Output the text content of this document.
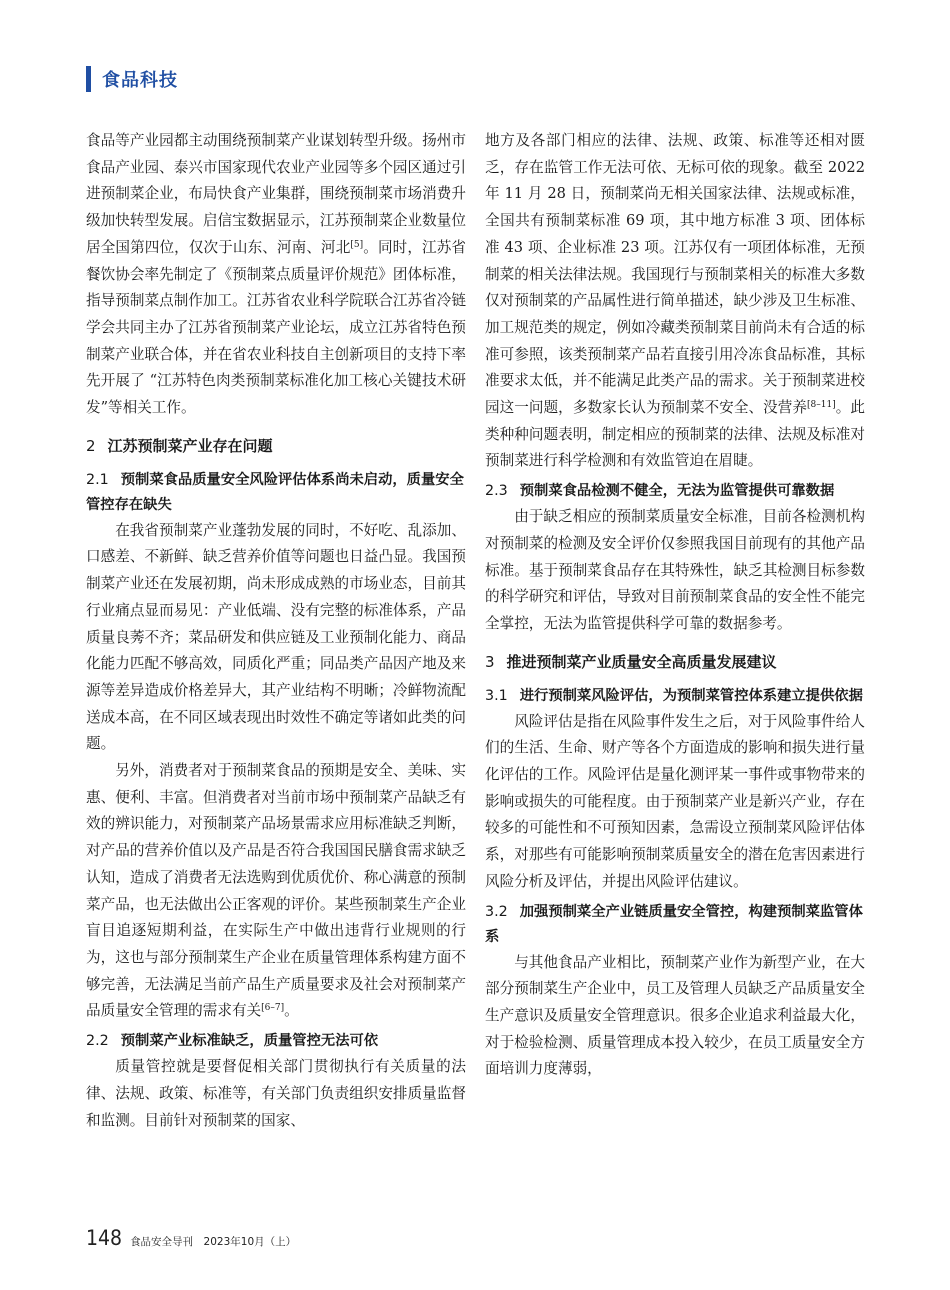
食品科技

食品等产业园都主动围绕预制菜产业谋划转型升级。扬州市食品产业园、泰兴市国家现代农业产业园等多个园区通过引进预制菜企业，布局快食产业集群，围绕预制菜市场消费升级加快转型发展。启信宝数据显示，江苏预制菜企业数量位居全国第四位，仅次于山东、河南、河北[5]。同时，江苏省餐饮协会率先制定了《预制菜点质量评价规范》团体标准，指导预制菜点制作加工。江苏省农业科学院联合江苏省冷链学会共同主办了江苏省预制菜产业论坛，成立江苏省特色预制菜产业联合体，并在省农业科技自主创新项目的支持下率先开展了 “江苏特色肉类预制菜标准化加工核心关键技术研发”等相关工作。

2 江苏预制菜产业存在问题
2.1 预制菜食品质量安全风险评估体系尚未启动，质量安全管控存在缺失

在我省预制菜产业蓬勃发展的同时，不好吃、乱添加、口感差、不新鲜、缺乏营养价值等问题也日益凸显。我国预制菜产业还在发展初期，尚未形成成熟的市场业态，目前其行业痛点显而易见：产业低端、没有完整的标准体系，产品质量良莠不齐；菜品研发和供应链及工业预制化能力、商品化能力匹配不够高效，同质化严重；同品类产品因产地及来源等差异造成价格差异大，其产业结构不明晰；冷鲜物流配送成本高，在不同区域表现出时效性不确定等诸如此类的问题。

另外，消费者对于预制菜食品的预期是安全、美味、实惠、便利、丰富。但消费者对当前市场中预制菜产品缺乏有效的辨识能力，对预制菜产品场景需求应用标准缺乏判断，对产品的营养价值以及产品是否符合我国国民膳食需求缺乏认知，造成了消费者无法选购到优质优价、称心满意的预制菜产品，也无法做出公正客观的评价。某些预制菜生产企业盲目追逐短期利益，在实际生产中做出违背行业规则的行为，这也与部分预制菜生产企业在质量管理体系构建方面不够完善，无法满足当前产品生产质量要求及社会对预制菜产品质量安全管理的需求有关[6–7]。

2.2 预制菜产业标准缺乏，质量管控无法可依

质量管控就是要督促相关部门贯彻执行有关质量的法律、法规、政策、标准等，有关部门负责组织安排质量监督和监测。目前针对预制菜的国家、

地方及各部门相应的法律、法规、政策、标准等还相对匮乏，存在监管工作无法可依、无标可依的现象。截至 2022 年 11 月 28 日，预制菜尚无相关国家法律、法规或标准，全国共有预制菜标准 69 项，其中地方标准 3 项、团体标准 43 项、企业标准 23 项。江苏仅有一项团体标准，无预制菜的相关法律法规。我国现行与预制菜相关的标准大多数仅对预制菜的产品属性进行简单描述，缺少涉及卫生标准、加工规范类的规定，例如冷藏类预制菜目前尚未有合适的标准可参照，该类预制菜产品若直接引用冷冻食品标准，其标准要求太低，并不能满足此类产品的需求。关于预制菜进校园这一问题，多数家长认为预制菜不安全、没营养[8–11]。此类种种问题表明，制定相应的预制菜的法律、法规及标准对预制菜进行科学检测和有效监管迫在眉睫。

2.3 预制菜食品检测不健全，无法为监管提供可靠数据

由于缺乏相应的预制菜质量安全标准，目前各检测机构对预制菜的检测及安全评价仅参照我国目前现有的其他产品标准。基于预制菜食品存在其特殊性，缺乏其检测目标参数的科学研究和评估，导致对目前预制菜食品的安全性不能完全掌控，无法为监管提供科学可靠的数据参考。

3 推进预制菜产业质量安全高质量发展建议
3.1 进行预制菜风险评估，为预制菜管控体系建立提供依据

风险评估是指在风险事件发生之后，对于风险事件给人们的生活、生命、财产等各个方面造成的影响和损失进行量化评估的工作。风险评估是量化测评某一事件或事物带来的影响或损失的可能程度。由于预制菜产业是新兴产业，存在较多的可能性和不可预知因素，急需设立预制菜风险评估体系，对那些有可能影响预制菜质量安全的潜在危害因素进行风险分析及评估，并提出风险评估建议。

3.2 加强预制菜全产业链质量安全管控，构建预制菜监管体系

与其他食品产业相比，预制菜产业作为新型产业，在大部分预制菜生产企业中，员工及管理人员缺乏产品质量安全生产意识及质量安全管理意识。很多企业追求利益最大化，对于检验检测、质量管理成本投入较少，在员工质量安全方面培训力度薄弱，

148 食品安全导刊　2023年10月（上）
